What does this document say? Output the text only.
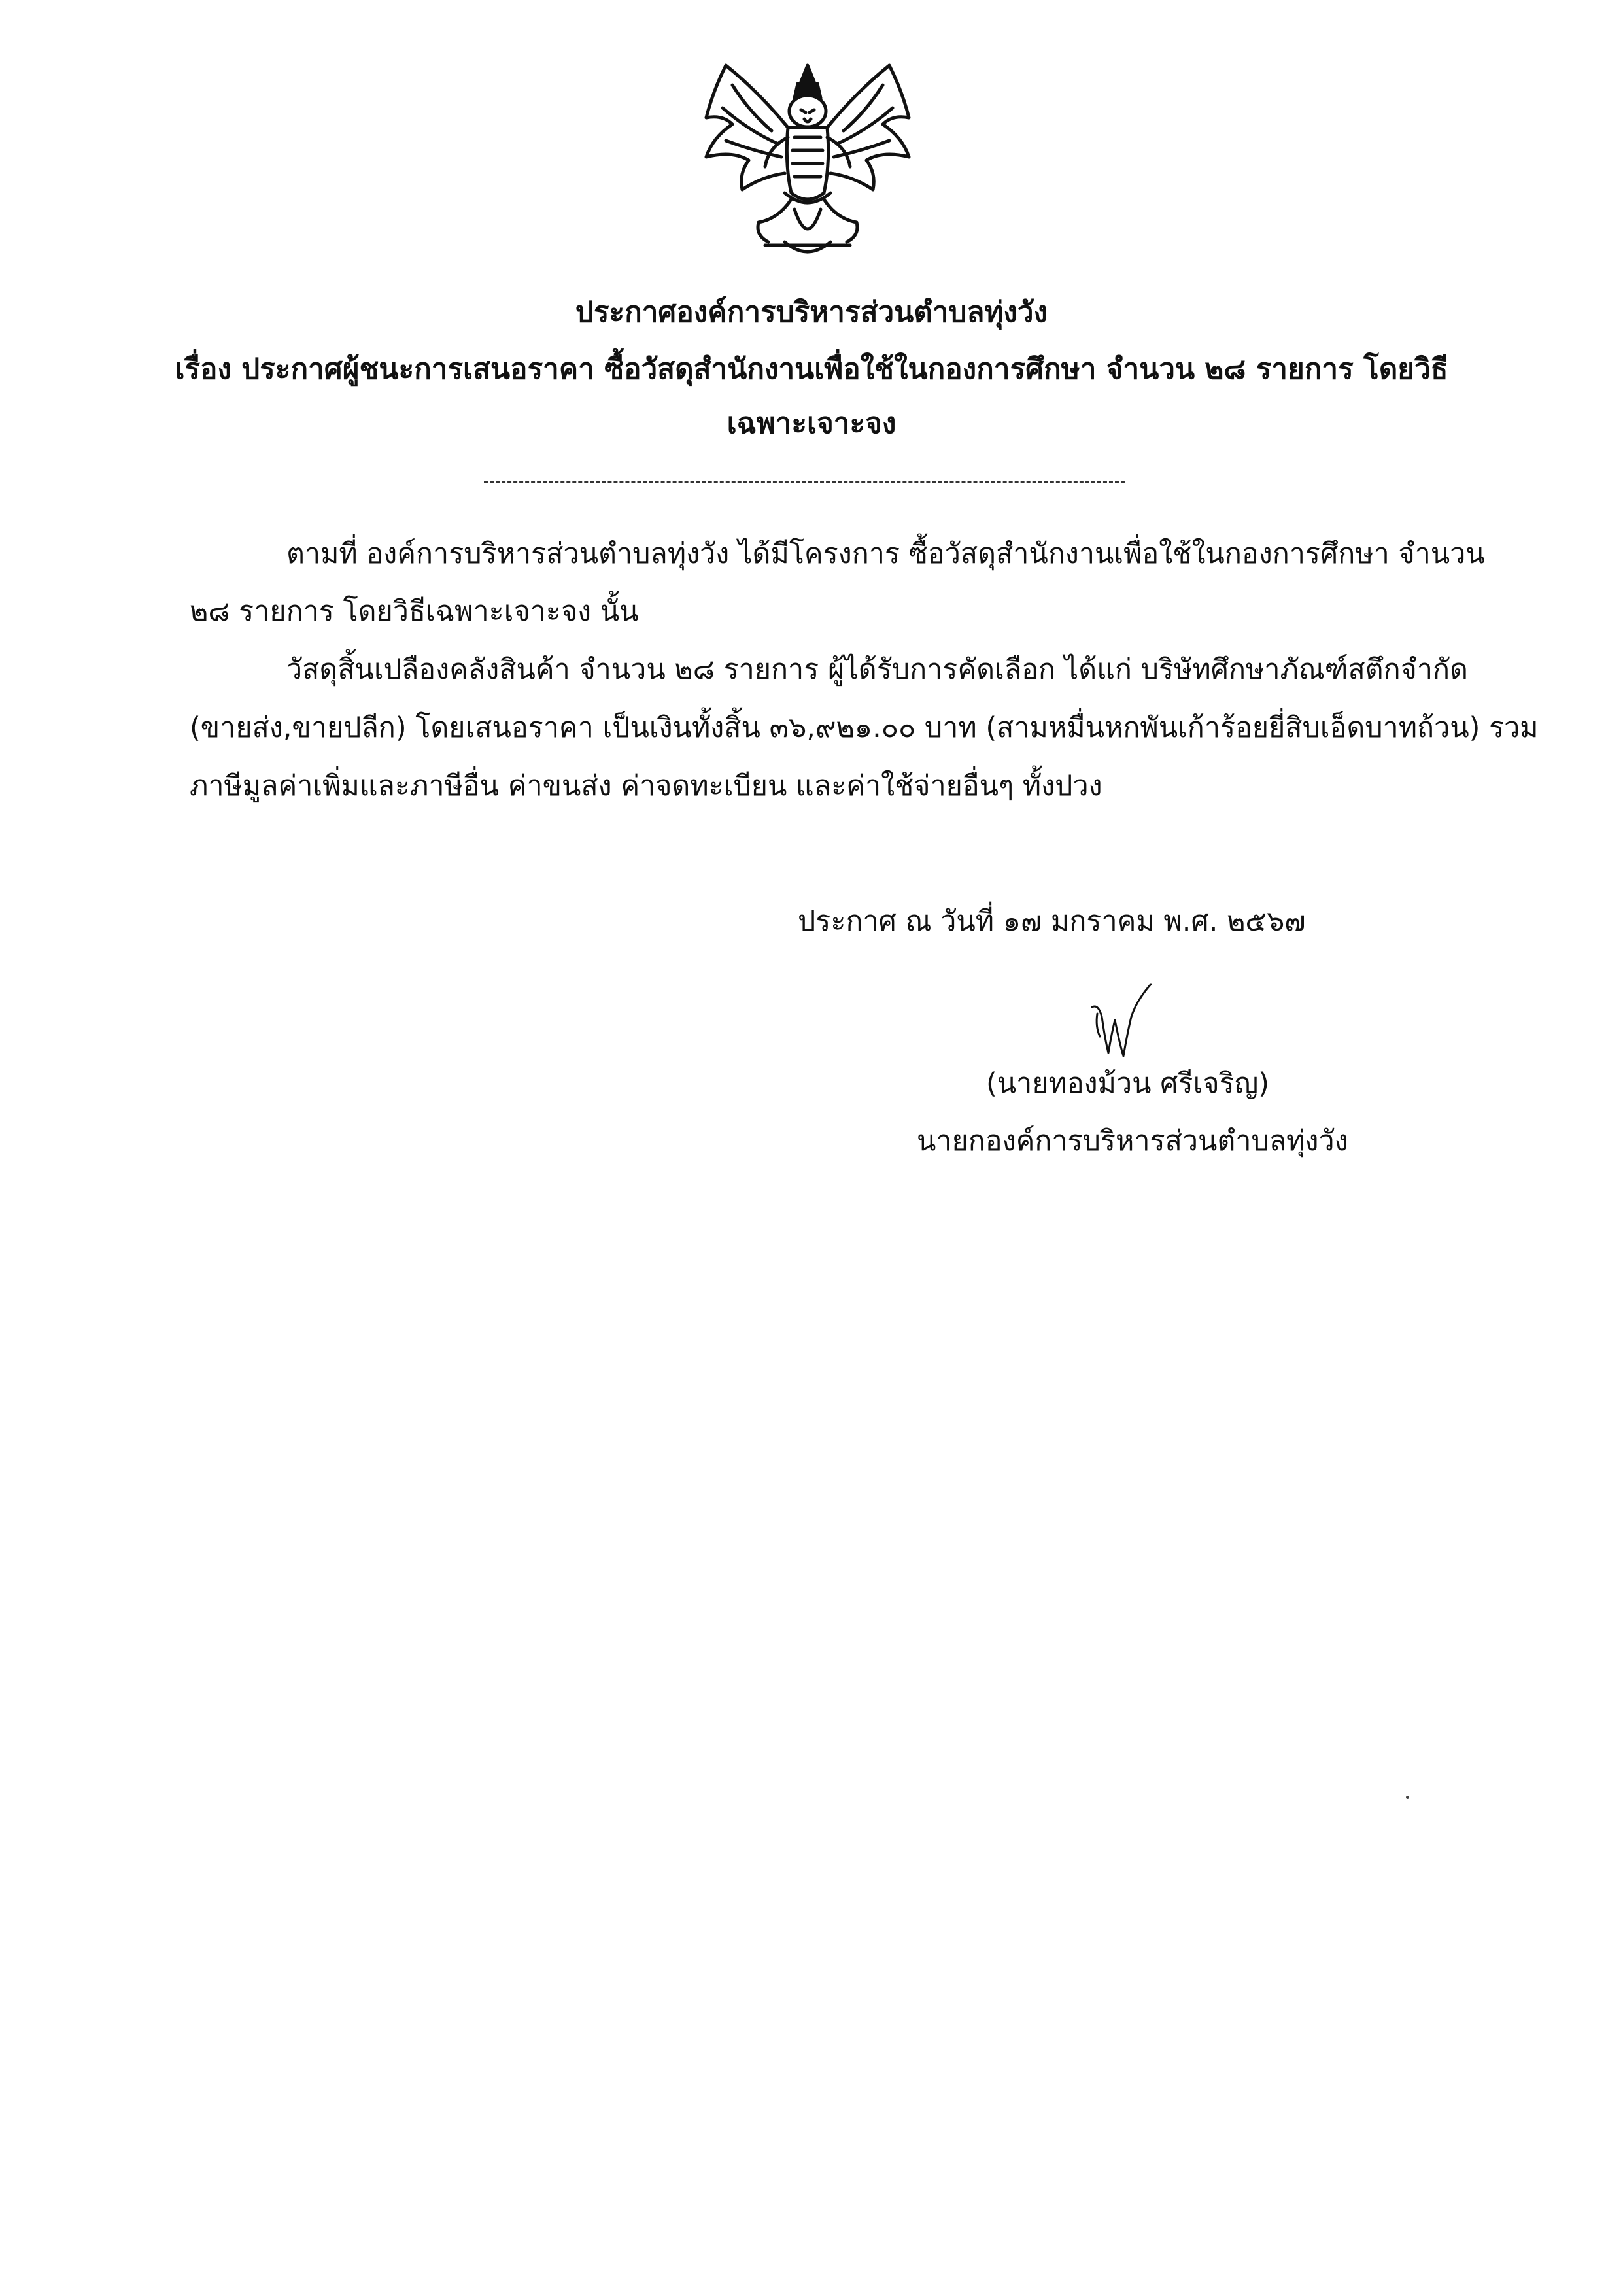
ประกาศองค์การบริหารส่วนตำบลทุ่งวัง
เรื่อง ประกาศผู้ชนะการเสนอราคา ซื้อวัสดุสำนักงานเพื่อใช้ในกองการศึกษา จำนวน ๒๘ รายการ โดยวิธี
เฉพาะเจาะจง

ตามที่ องค์การบริหารส่วนตำบลทุ่งวัง ได้มีโครงการ ซื้อวัสดุสำนักงานเพื่อใช้ในกองการศึกษา จำนวน

๒๘ รายการ โดยวิธีเฉพาะเจาะจง นั้น

วัสดุสิ้นเปลืองคลังสินค้า จำนวน ๒๘ รายการ ผู้ได้รับการคัดเลือก ได้แก่ บริษัทศึกษาภัณฑ์สตึกจำกัด

(ขายส่ง,ขายปลีก) โดยเสนอราคา เป็นเงินทั้งสิ้น ๓๖,๙๒๑.๐๐ บาท (สามหมื่นหกพันเก้าร้อยยี่สิบเอ็ดบาทถ้วน) รวม

ภาษีมูลค่าเพิ่มและภาษีอื่น ค่าขนส่ง ค่าจดทะเบียน และค่าใช้จ่ายอื่นๆ ทั้งปวง

ประกาศ ณ วันที่ ๑๗ มกราคม พ.ศ. ๒๕๖๗

(นายทองม้วน ศรีเจริญ)

นายกองค์การบริหารส่วนตำบลทุ่งวัง
